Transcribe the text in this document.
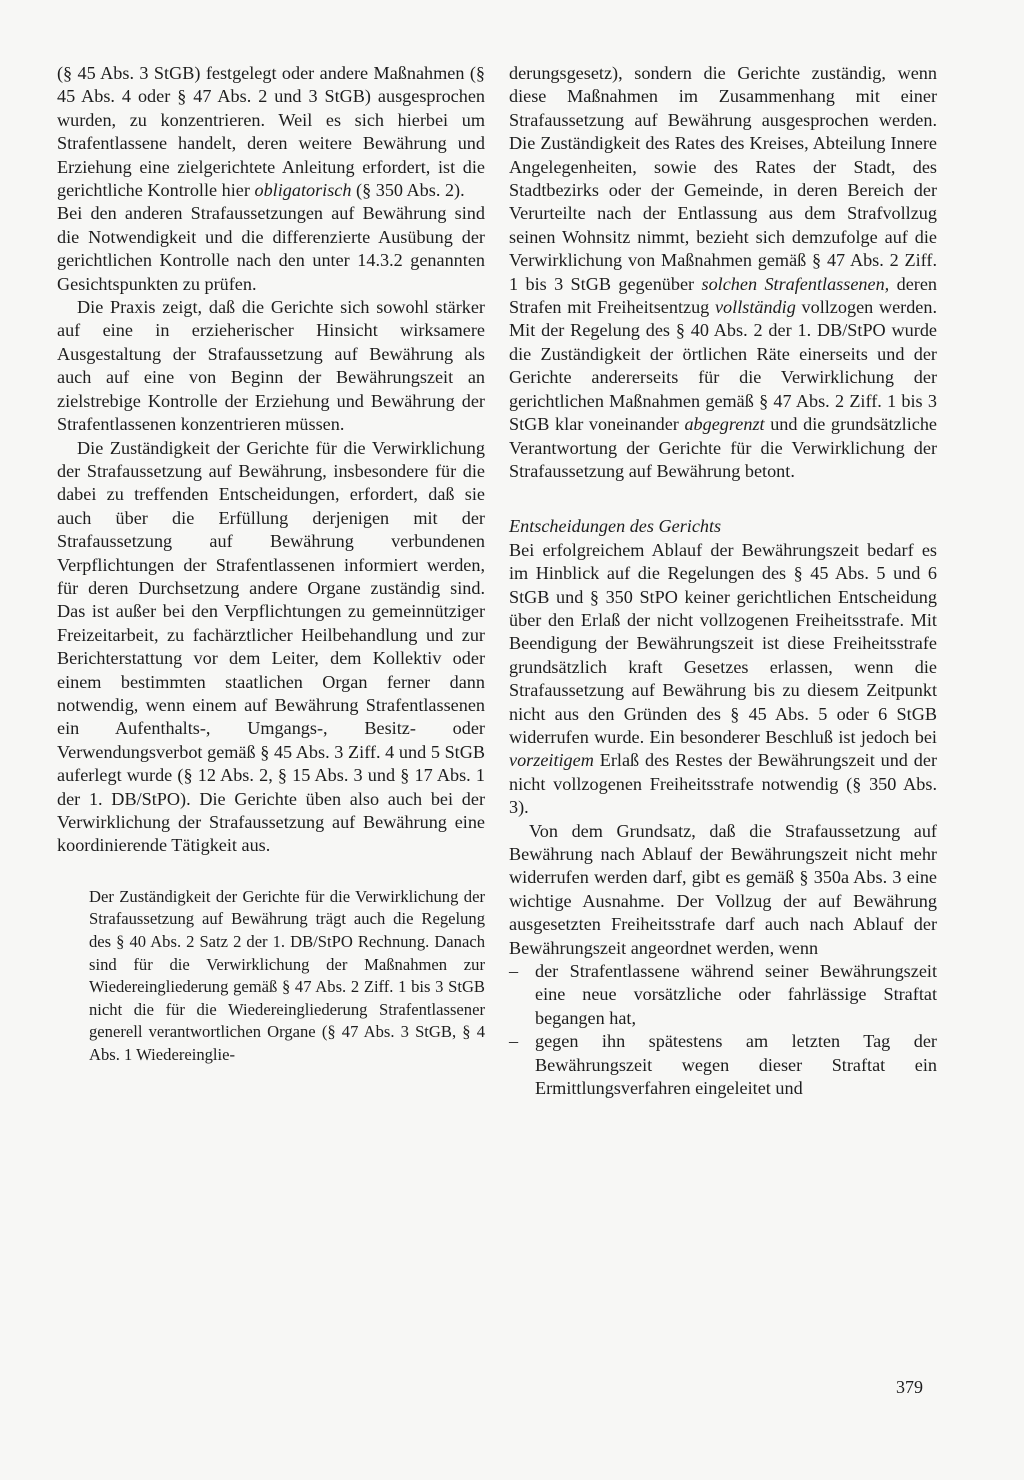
(§ 45 Abs. 3 StGB) festgelegt oder andere Maßnahmen (§ 45 Abs. 4 oder § 47 Abs. 2 und 3 StGB) ausgesprochen wurden, zu konzentrieren. Weil es sich hierbei um Strafentlassene handelt, deren weitere Bewährung und Erziehung eine zielgerichtete Anleitung erfordert, ist die gerichtliche Kontrolle hier obligatorisch (§ 350 Abs. 2).

Bei den anderen Strafaussetzungen auf Bewährung sind die Notwendigkeit und die differenzierte Ausübung der gerichtlichen Kontrolle nach den unter 14.3.2 genannten Gesichtspunkten zu prüfen.

Die Praxis zeigt, daß die Gerichte sich sowohl stärker auf eine in erzieherischer Hinsicht wirksamere Ausgestaltung der Strafaussetzung auf Bewährung als auch auf eine von Beginn der Bewährungszeit an zielstrebige Kontrolle der Erziehung und Bewährung der Strafentlassenen konzentrieren müssen.

Die Zuständigkeit der Gerichte für die Verwirklichung der Strafaussetzung auf Bewährung, insbesondere für die dabei zu treffenden Entscheidungen, erfordert, daß sie auch über die Erfüllung derjenigen mit der Strafaussetzung auf Bewährung verbundenen Verpflichtungen der Strafentlassenen informiert werden, für deren Durchsetzung andere Organe zuständig sind. Das ist außer bei den Verpflichtungen zu gemeinnütziger Freizeitarbeit, zu fachärztlicher Heilbehandlung und zur Berichterstattung vor dem Leiter, dem Kollektiv oder einem bestimmten staatlichen Organ ferner dann notwendig, wenn einem auf Bewährung Strafentlassenen ein Aufenthalts-, Umgangs-, Besitz- oder Verwendungsverbot gemäß § 45 Abs. 3 Ziff. 4 und 5 StGB auferlegt wurde (§ 12 Abs. 2, § 15 Abs. 3 und § 17 Abs. 1 der 1. DB/StPO). Die Gerichte üben also auch bei der Verwirklichung der Strafaussetzung auf Bewährung eine koordinierende Tätigkeit aus.

Der Zuständigkeit der Gerichte für die Verwirklichung der Strafaussetzung auf Bewährung trägt auch die Regelung des § 40 Abs. 2 Satz 2 der 1. DB/StPO Rechnung. Danach sind für die Verwirklichung der Maßnahmen zur Wiedereingliederung gemäß § 47 Abs. 2 Ziff. 1 bis 3 StGB nicht die für die Wiedereingliederung Strafentlassener generell verantwortlichen Organe (§ 47 Abs. 3 StGB, § 4 Abs. 1 Wiedereinglie-

derungsgesetz), sondern die Gerichte zuständig, wenn diese Maßnahmen im Zusammenhang mit einer Strafaussetzung auf Bewährung ausgesprochen werden. Die Zuständigkeit des Rates des Kreises, Abteilung Innere Angelegenheiten, sowie des Rates der Stadt, des Stadtbezirks oder der Gemeinde, in deren Bereich der Verurteilte nach der Entlassung aus dem Strafvollzug seinen Wohnsitz nimmt, bezieht sich demzufolge auf die Verwirklichung von Maßnahmen gemäß § 47 Abs. 2 Ziff. 1 bis 3 StGB gegenüber solchen Strafentlassenen, deren Strafen mit Freiheitsentzug vollständig vollzogen werden. Mit der Regelung des § 40 Abs. 2 der 1. DB/StPO wurde die Zuständigkeit der örtlichen Räte einerseits und der Gerichte andererseits für die Verwirklichung der gerichtlichen Maßnahmen gemäß § 47 Abs. 2 Ziff. 1 bis 3 StGB klar voneinander abgegrenzt und die grundsätzliche Verantwortung der Gerichte für die Verwirklichung der Strafaussetzung auf Bewährung betont.

Entscheidungen des Gerichts

Bei erfolgreichem Ablauf der Bewährungszeit bedarf es im Hinblick auf die Regelungen des § 45 Abs. 5 und 6 StGB und § 350 StPO keiner gerichtlichen Entscheidung über den Erlaß der nicht vollzogenen Freiheitsstrafe. Mit Beendigung der Bewährungszeit ist diese Freiheitsstrafe grundsätzlich kraft Gesetzes erlassen, wenn die Strafaussetzung auf Bewährung bis zu diesem Zeitpunkt nicht aus den Gründen des § 45 Abs. 5 oder 6 StGB widerrufen wurde. Ein besonderer Beschluß ist jedoch bei vorzeitigem Erlaß des Restes der Bewährungszeit und der nicht vollzogenen Freiheitsstrafe notwendig (§ 350 Abs. 3).

Von dem Grundsatz, daß die Strafaussetzung auf Bewährung nach Ablauf der Bewährungszeit nicht mehr widerrufen werden darf, gibt es gemäß § 350a Abs. 3 eine wichtige Ausnahme. Der Vollzug der auf Bewährung ausgesetzten Freiheitsstrafe darf auch nach Ablauf der Bewährungszeit angeordnet werden, wenn

– der Strafentlassene während seiner Bewährungszeit eine neue vorsätzliche oder fahrlässige Straftat begangen hat,
– gegen ihn spätestens am letzten Tag der Bewährungszeit wegen dieser Straftat ein Ermittlungsverfahren eingeleitet und
379
